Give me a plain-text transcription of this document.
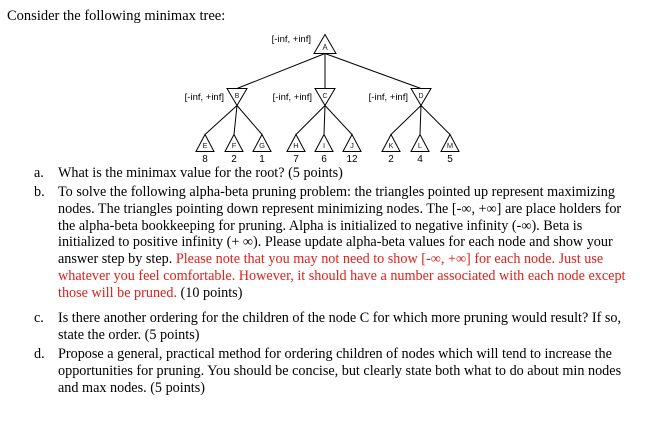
Consider the following minimax tree:
A
[-inf, +inf]
B
[-inf, +inf]	C
[-inf, +inf]	D
[-inf, +inf]
E
8
F
2
G
1
H
7
I
6
J
12
K
2
L
4
M
5
a. What is the minimax value for the root? (5 points)
b. To solve the following alpha-beta pruning problem: the triangles pointed up represent maximizing nodes. The triangles pointing down represent minimizing nodes. The [-∞, +∞] are place holders for the alpha-beta bookkeeping for pruning. Alpha is initialized to negative infinity (-∞). Beta is initialized to positive infinity (+ ∞). Please update alpha-beta values for each node and show your answer step by step. Please note that you may not need to show [-∞, +∞] for each node. Just use whatever you feel comfortable. However, it should have a number associated with each node except those will be pruned. (10 points)
c. Is there another ordering for the children of the node C for which more pruning would result? If so, state the order. (5 points)
d. Propose a general, practical method for ordering children of nodes which will tend to increase the opportunities for pruning. You should be concise, but clearly state both what to do about min nodes and max nodes. (5 points)
